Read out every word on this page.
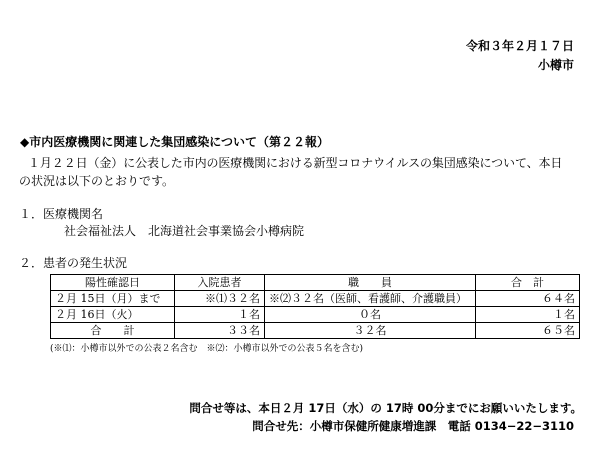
令和３年２月１７日
小樽市
◆市内医療機関に関連した集団感染について（第２２報）
１月２２日（金）に公表した市内の医療機関における新型コロナウイルスの集団感染について、本日
の状況は以下のとおりです。
１．医療機関名
社会福祉法人　北海道社会事業協会小樽病院
２．患者の発生状況
陽性確認日	入院患者	職　　員	合　計
２月 15日（月）まで	※⑴３２名	※⑵３２名（医師、看護師、介護職員）	６４名
２月 16日（火）	１名	０名	１名
合　　計	３３名	３２名	６５名
(※⑴：小樽市以外での公表２名含む　※⑵：小樽市以外での公表５名を含む)
問合せ等は、本日２月 17日（水）の 17時 00分までにお願いいたします。
問合せ先：小樽市保健所健康増進課　電話 0134−22−3110
